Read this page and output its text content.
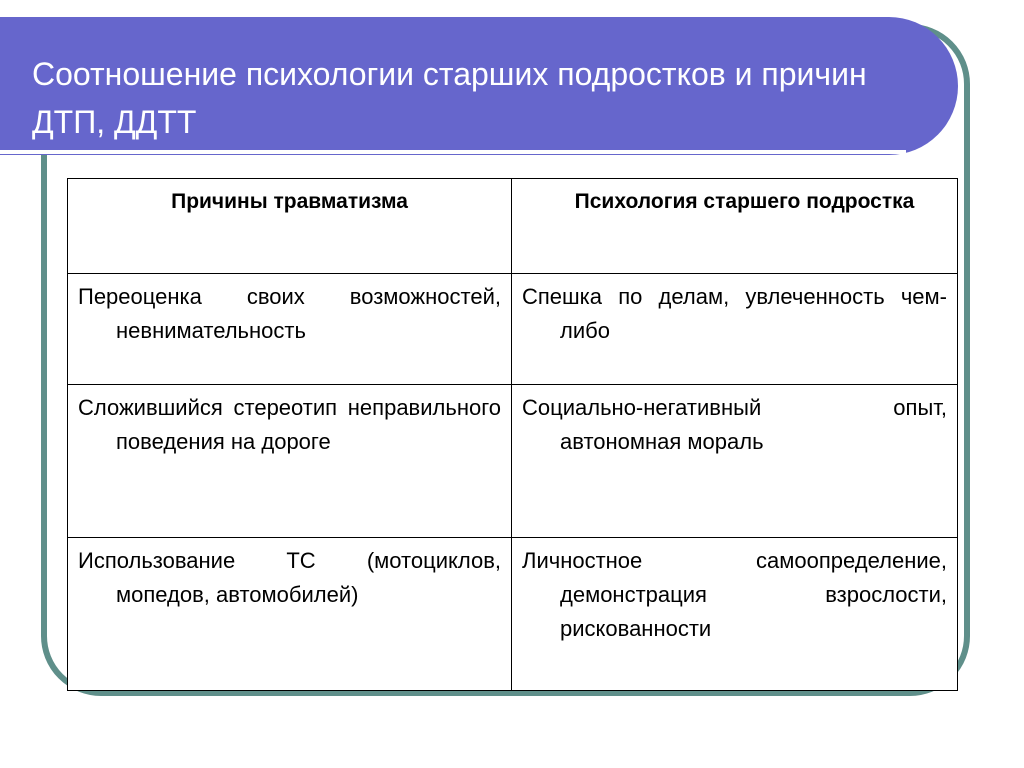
Соотношение психологии старших подростков и причин ДТП, ДДТТ
Причины травматизма	Психология старшего подростка

Переоценка своих возможностей, невнимательность	Спешка по делам, увлеченность чем-либо

Сложившийся стереотип неправильного поведения на дороге	Социально-негативный опыт, автономная мораль

Использование ТС (мотоциклов, мопедов, автомобилей)	Личностное самоопределение, демонстрация взрослости, рискованности
